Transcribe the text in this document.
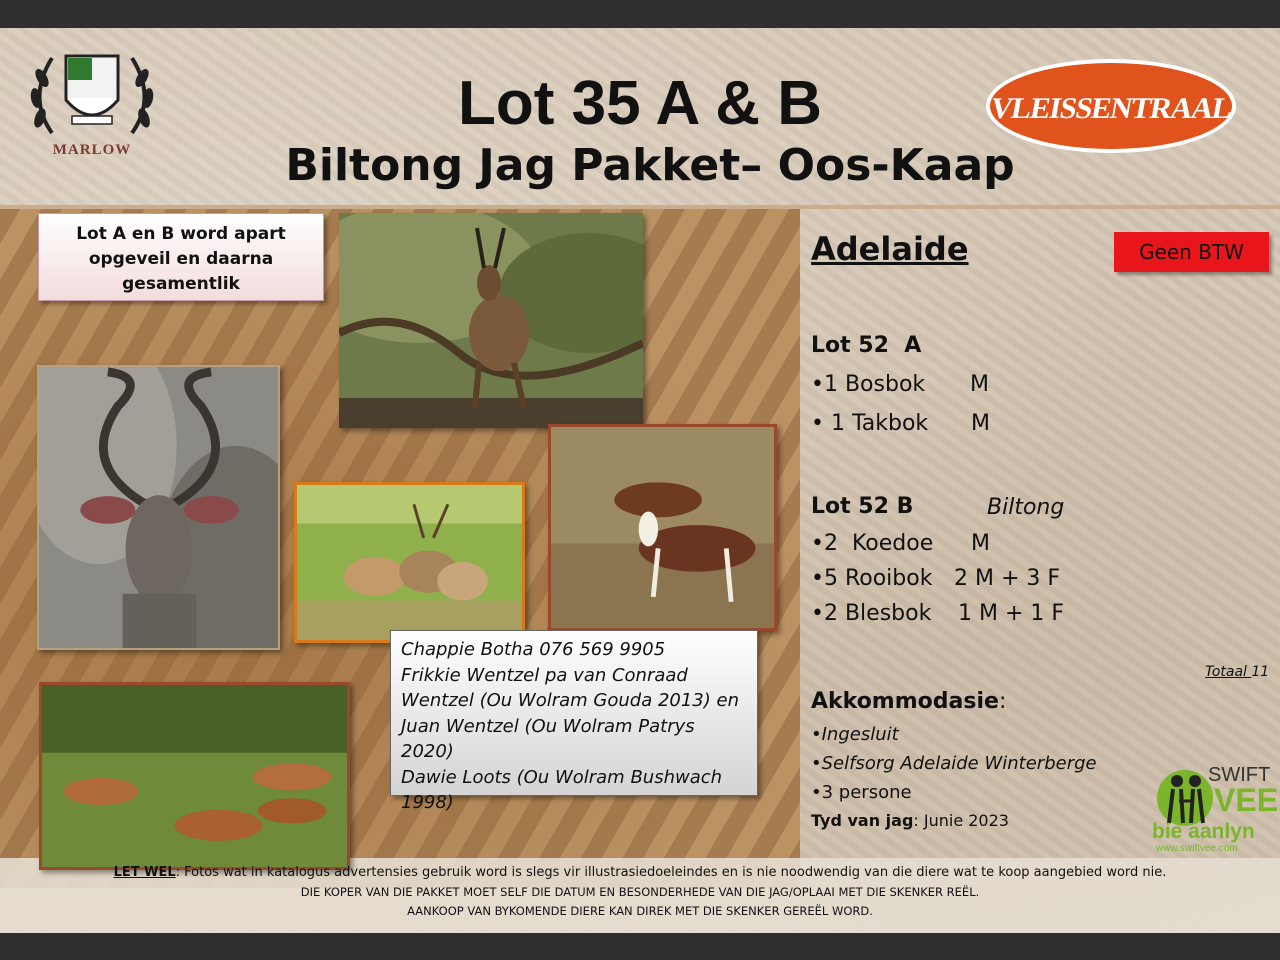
MARLOW
VLEISSENTRAAL
Lot 35 A & B
Biltong Jag Pakket– Oos-Kaap
Lot A en B word apart
opgeveil en daarna
gesamentlik
Chappie Botha 076 569 9905
Frikkie Wentzel pa van Conraad
Wentzel (Ou Wolram Gouda 2013) en
Juan Wentzel (Ou Wolram Patrys 2020)
Dawie Loots (Ou Wolram Bushwach
1998)
Adelaide	Geen BTW
Lot 52  A
•1 Bosbok M
• 1 Takbok M
Lot 52 B	Biltong
•2  Koedoe M
•5 Rooibok 2 M + 3 F
•2 Blesbok 1 M + 1 F
Totaal 11
Akkommodasie:
•Ingesluit
•Selfsorg Adelaide Winterberge
•3 persone
Tyd van jag: Junie 2023
SWIFT
VEE
bie aanlyn
www.swiftvee.com
LET WEL: Fotos wat in katalogus advertensies gebruik word is slegs vir illustrasiedoeleindes en is nie noodwendig van die diere wat te koop aangebied word nie.
DIE KOPER VAN DIE PAKKET MOET SELF DIE DATUM EN BESONDERHEDE VAN DIE JAG/OPLAAI MET DIE SKENKER REËL.
AANKOOP VAN BYKOMENDE DIERE KAN DIREK MET DIE SKENKER GEREËL WORD.
